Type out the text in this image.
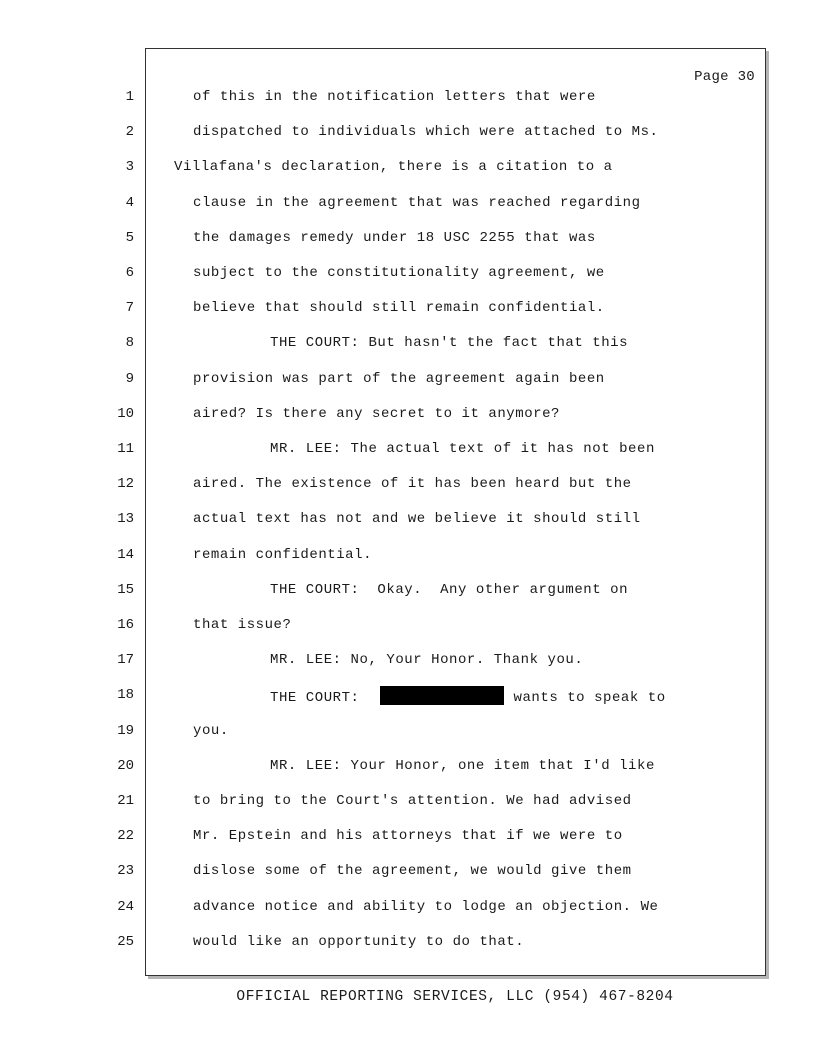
Page 30
1
2
3
4
5
6
7
8
9
10
11
12
13
14
15
16
17
18
19
20
21
22
23
24
25
of this in the notification letters that were
dispatched to individuals which were attached to Ms.
Villafana's declaration, there is a citation to a
clause in the agreement that was reached regarding
the damages remedy under 18 USC 2255 that was
subject to the constitutionality agreement, we
believe that should still remain confidential.
THE COURT: But hasn't the fact that this
provision was part of the agreement again been
aired? Is there any secret to it anymore?
MR. LEE: The actual text of it has not been
aired. The existence of it has been heard but the
actual text has not and we believe it should still
remain confidential.
THE COURT:  Okay.  Any other argument on
that issue?
MR. LEE: No, Your Honor. Thank you.
THE COURT:	wants to speak to
you.
MR. LEE: Your Honor, one item that I'd like
to bring to the Court's attention. We had advised
Mr. Epstein and his attorneys that if we were to
dislose some of the agreement, we would give them
advance notice and ability to lodge an objection. We
would like an opportunity to do that.
OFFICIAL REPORTING SERVICES, LLC (954) 467-8204
